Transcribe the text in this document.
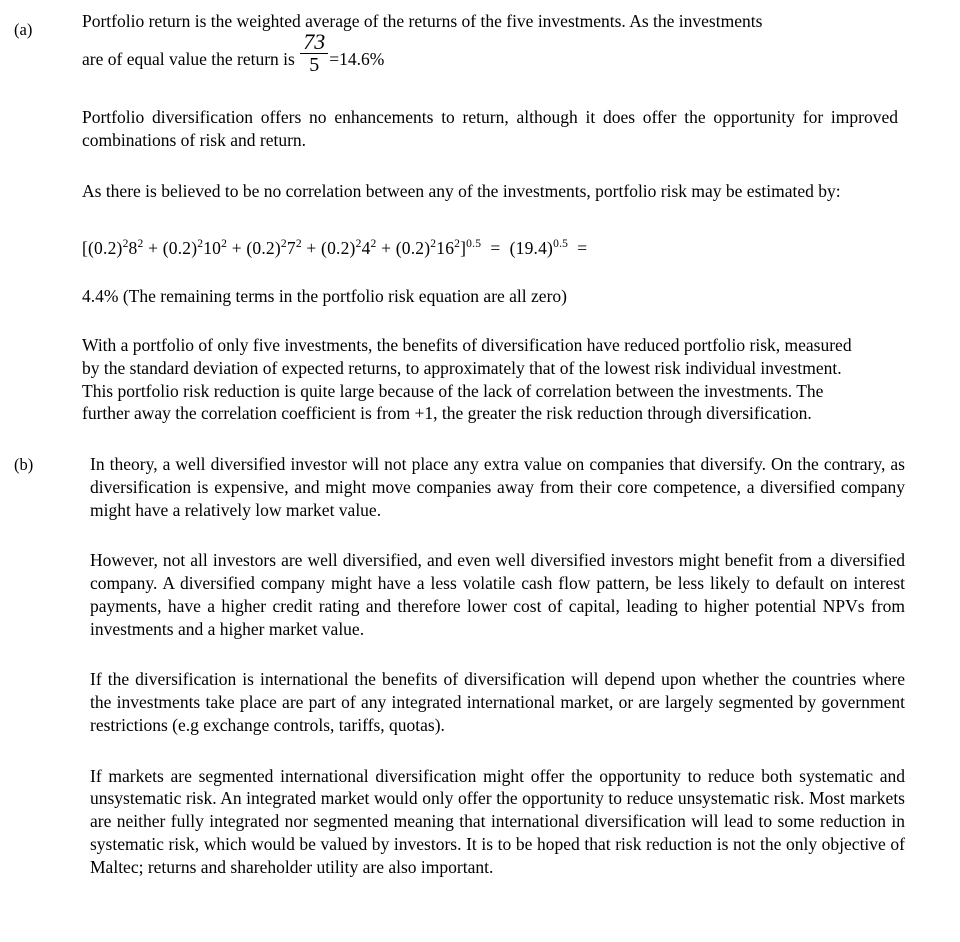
(a)	Portfolio return is the weighted average of the returns of the five investments. As the investments

are of equal value the return is $\frac{73}{5} =14.6\%$

Portfolio diversification offers no enhancements to return, although it does offer the opportunity for improved combinations of risk and return.

As there is believed to be no correlation between any of the investments, portfolio risk may be estimated by:

$[(0.2)^28^2 + (0.2)^210^2 + (0.2)^27^2 + (0.2)^24^2 + (0.2)^216^2]^{0.5} = (19.4)^{0.5}$ =

4.4% (The remaining terms in the portfolio risk equation are all zero)

With a portfolio of only five investments, the benefits of diversification have reduced portfolio risk, measured by the standard deviation of expected returns, to approximately that of the lowest risk individual investment. This portfolio risk reduction is quite large because of the lack of correlation between the investments. The further away the correlation coefficient is from +1, the greater the risk reduction through diversification.

(b)	In theory, a well diversified investor will not place any extra value on companies that diversify. On the contrary, as diversification is expensive, and might move companies away from their core competence, a diversified company might have a relatively low market value.

However, not all investors are well diversified, and even well diversified investors might benefit from a diversified company. A diversified company might have a less volatile cash flow pattern, be less likely to default on interest payments, have a higher credit rating and therefore lower cost of capital, leading to higher potential NPVs from investments and a higher market value.

If the diversification is international the benefits of diversification will depend upon whether the countries where the investments take place are part of any integrated international market, or are largely segmented by government restrictions (e.g exchange controls, tariffs, quotas).

If markets are segmented international diversification might offer the opportunity to reduce both systematic and unsystematic risk. An integrated market would only offer the opportunity to reduce unsystematic risk. Most markets are neither fully integrated nor segmented meaning that international diversification will lead to some reduction in systematic risk, which would be valued by investors. It is to be hoped that risk reduction is not the only objective of Maltec; returns and shareholder utility are also important.
